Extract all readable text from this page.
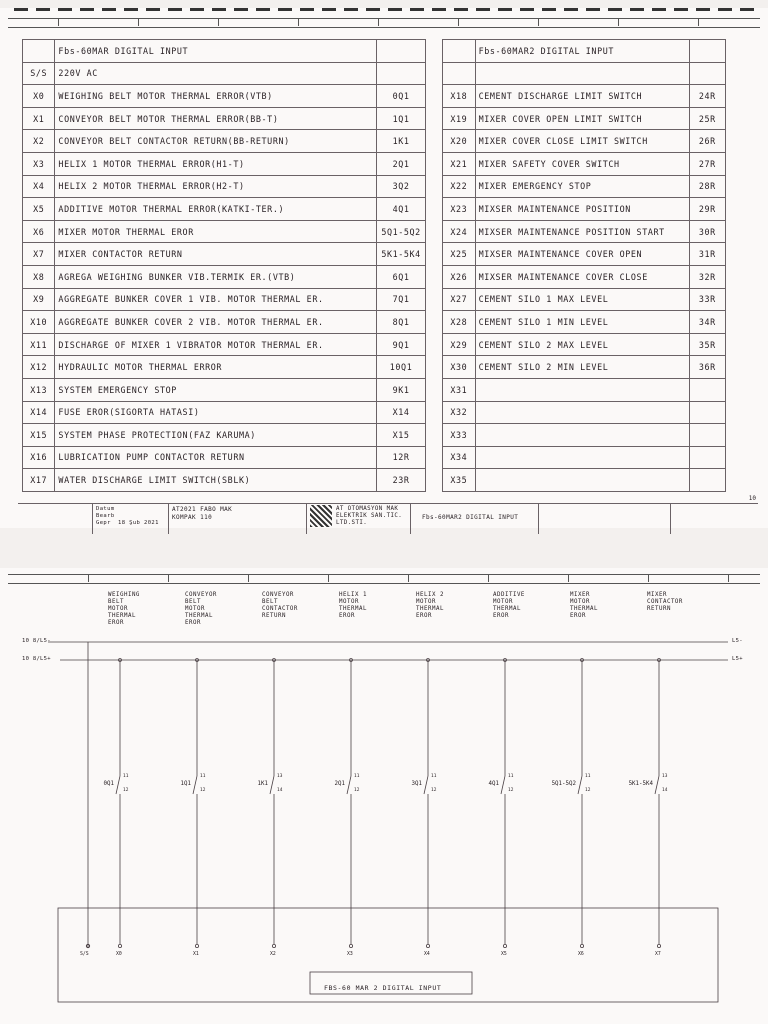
	Fbs-60MAR DIGITAL INPUT	
S/S	220V AC	
X0	WEIGHING BELT MOTOR THERMAL ERROR(VTB)	0Q1
X1	CONVEYOR BELT MOTOR THERMAL ERROR(BB-T)	1Q1
X2	CONVEYOR BELT CONTACTOR RETURN(BB-RETURN)	1K1
X3	HELIX 1 MOTOR THERMAL ERROR(H1-T)	2Q1
X4	HELIX 2 MOTOR THERMAL ERROR(H2-T)	3Q2
X5	ADDITIVE MOTOR THERMAL ERROR(KATKI-TER.)	4Q1
X6	MIXER MOTOR THERMAL EROR	5Q1-5Q2
X7	MIXER CONTACTOR RETURN	5K1-5K4
X8	AGREGA WEIGHING BUNKER VIB.TERMIK ER.(VTB)	6Q1
X9	AGGREGATE BUNKER COVER 1 VIB. MOTOR THERMAL ER.	7Q1
X10	AGGREGATE BUNKER COVER 2 VIB. MOTOR THERMAL ER.	8Q1
X11	DISCHARGE OF MIXER 1 VIBRATOR MOTOR THERMAL ER.	9Q1
X12	HYDRAULIC MOTOR THERMAL ERROR	10Q1
X13	SYSTEM EMERGENCY STOP	9K1
X14	FUSE EROR(SIGORTA HATASI)	X14
X15	SYSTEM PHASE PROTECTION(FAZ KARUMA)	X15
X16	LUBRICATION PUMP CONTACTOR RETURN	12R
X17	WATER DISCHARGE LIMIT SWITCH(SBLK)	23R
	Fbs-60MAR2 DIGITAL INPUT	

X18	CEMENT DISCHARGE LIMIT SWITCH	24R
X19	MIXER COVER OPEN LIMIT SWITCH	25R
X20	MIXER COVER CLOSE LIMIT SWITCH	26R
X21	MIXER SAFETY COVER SWITCH	27R
X22	MIXER EMERGENCY STOP	28R
X23	MIXSER MAINTENANCE POSITION	29R
X24	MIXSER MAINTENANCE POSITION START	30R
X25	MIXSER MAINTENANCE COVER OPEN	31R
X26	MIXSER MAINTENANCE COVER CLOSE	32R
X27	CEMENT SILO 1 MAX LEVEL	33R
X28	CEMENT SILO 1 MIN LEVEL	34R
X29	CEMENT SILO 2 MAX LEVEL	35R
X30	CEMENT SILO 2 MIN LEVEL	36R
X31		
X32		
X33		
X34		
X35		
10
Datum
Bearb
Gepr 18 Şub 2021
AT2021 FABO MAK
KOMPAK 110
AT OTOMASYON MAK
ELEKTRIK SAN.TIC.
LTD.STI.
Fbs-60MAR2 DIGITAL INPUT
10 8/L5-
10 8/L5+
L5-
L5+
S/S
FBS-60 MAR 2 DIGITAL INPUT
WEIGHING
BELT
MOTOR
THERMAL
EROR
0Q1
11
12
X0
CONVEYOR
BELT
MOTOR
THERMAL
EROR
1Q1
11
12
X1
CONVEYOR
BELT
CONTACTOR
RETURN
1K1
13
14
X2
HELIX 1
MOTOR
THERMAL
EROR
2Q1
11
12
X3
HELIX 2
MOTOR
THERMAL
EROR
3Q1
11
12
X4
ADDITIVE
MOTOR
THERMAL
EROR
4Q1
11
12
X5
MIXER
MOTOR
THERMAL
EROR
5Q1-5Q2
11
12
X6
MIXER
CONTACTOR
RETURN
5K1-5K4
13
14
X7
